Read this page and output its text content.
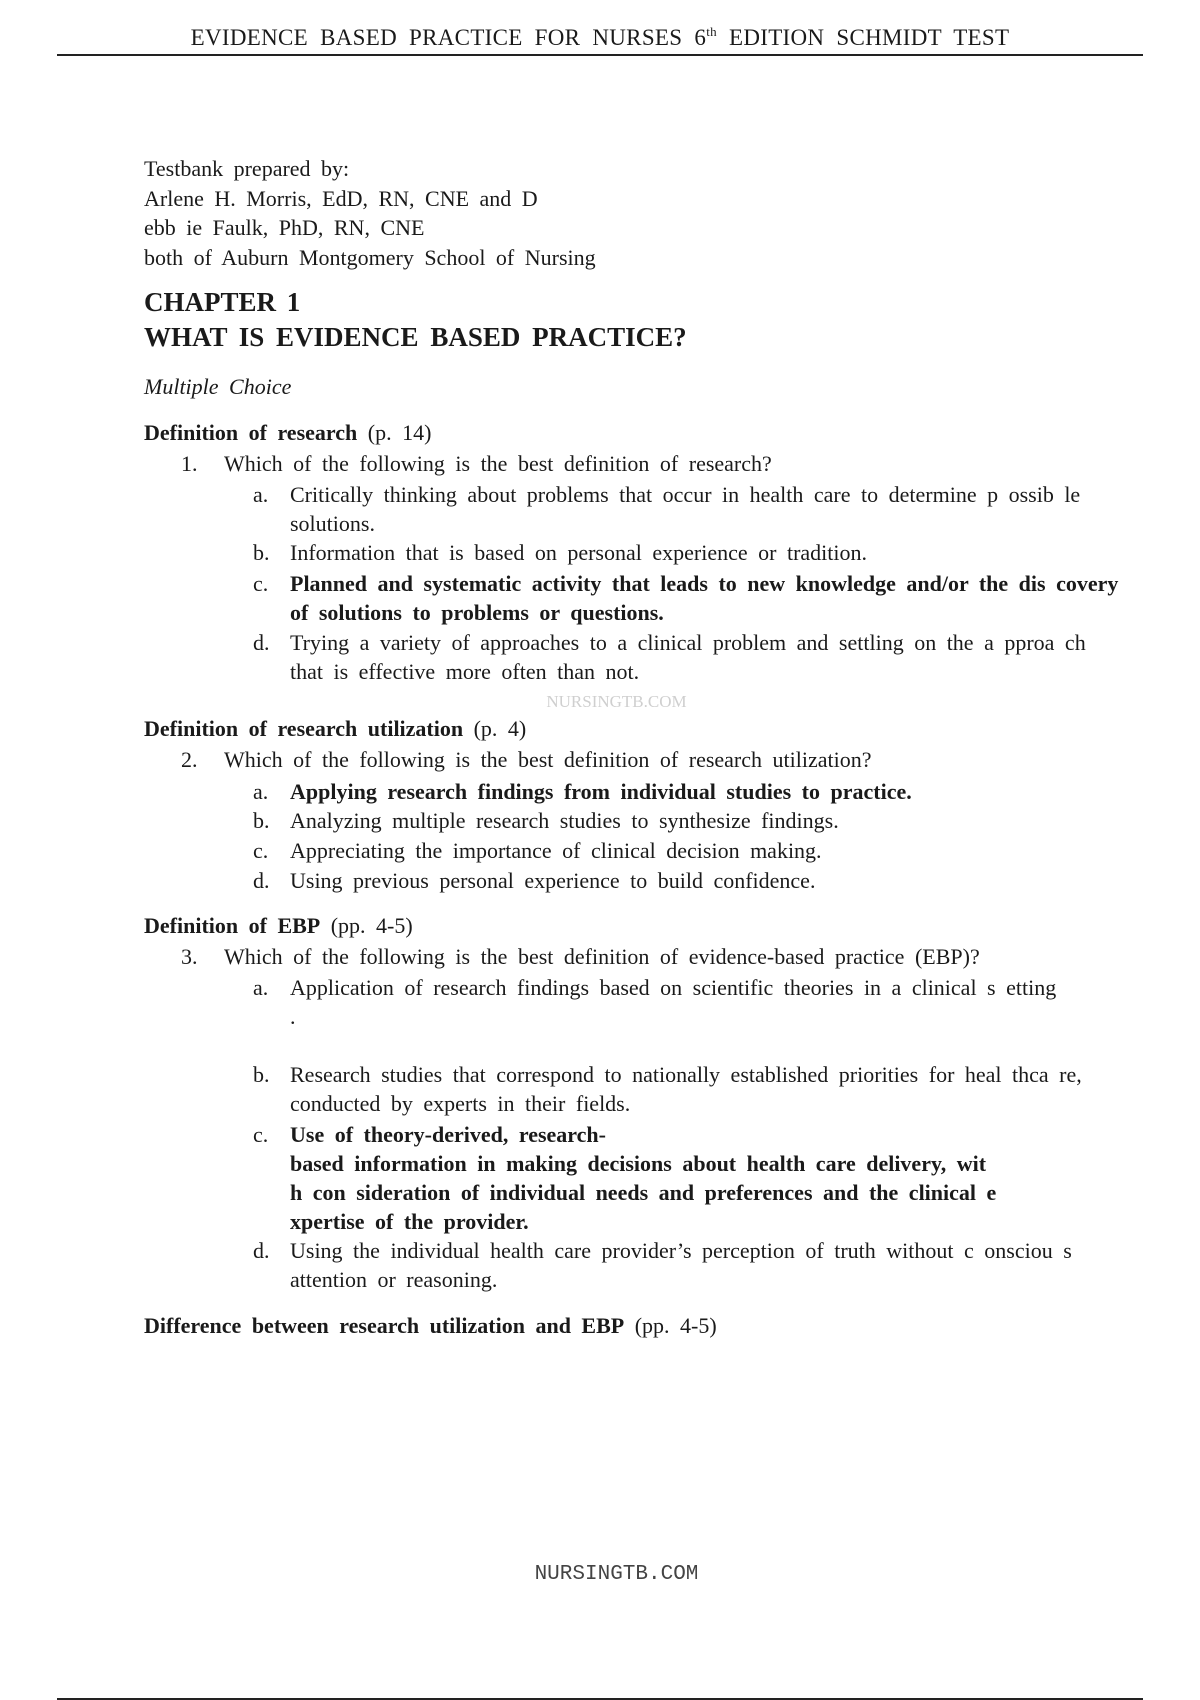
EVIDENCE BASED PRACTICE FOR NURSES 6th EDITION SCHMIDT TEST
Testbank prepared by:
Arlene H. Morris, EdD, RN, CNE and D
ebb ie Faulk, PhD, RN, CNE
both of Auburn Montgomery School of Nursing
CHAPTER 1
WHAT IS EVIDENCE BASED PRACTICE?
Multiple Choice
Definition of research (p. 14)
1. Which of the following is the best definition of research?
a. Critically thinking about problems that occur in health care to determine p ossib le solutions.
b. Information that is based on personal experience or tradition.
c. Planned and systematic activity that leads to new knowledge and/or the dis covery of solutions to problems or questions.
d. Trying a variety of approaches to a clinical problem and settling on the a pproa ch that is effective more often than not.
NURSINGTB.COM
Definition of research utilization (p. 4)
2. Which of the following is the best definition of research utilization?
a. Applying research findings from individual studies to practice.
b. Analyzing multiple research studies to synthesize findings.
c. Appreciating the importance of clinical decision making.
d. Using previous personal experience to build confidence.
Definition of EBP (pp. 4-5)
3. Which of the following is the best definition of evidence-based practice (EBP)?
a. Application of research findings based on scientific theories in a clinical s etting
.
b. Research studies that correspond to nationally established priorities for heal thca re, conducted by experts in their fields.
c. Use of theory-derived, research-
based information in making decisions about health care delivery, wit
h con sideration of individual needs and preferences and the clinical e
xpertise of the provider.
d. Using the individual health care provider’s perception of truth without c onsciou s attention or reasoning.
Difference between research utilization and EBP (pp. 4-5)
NURSINGTB.COM
